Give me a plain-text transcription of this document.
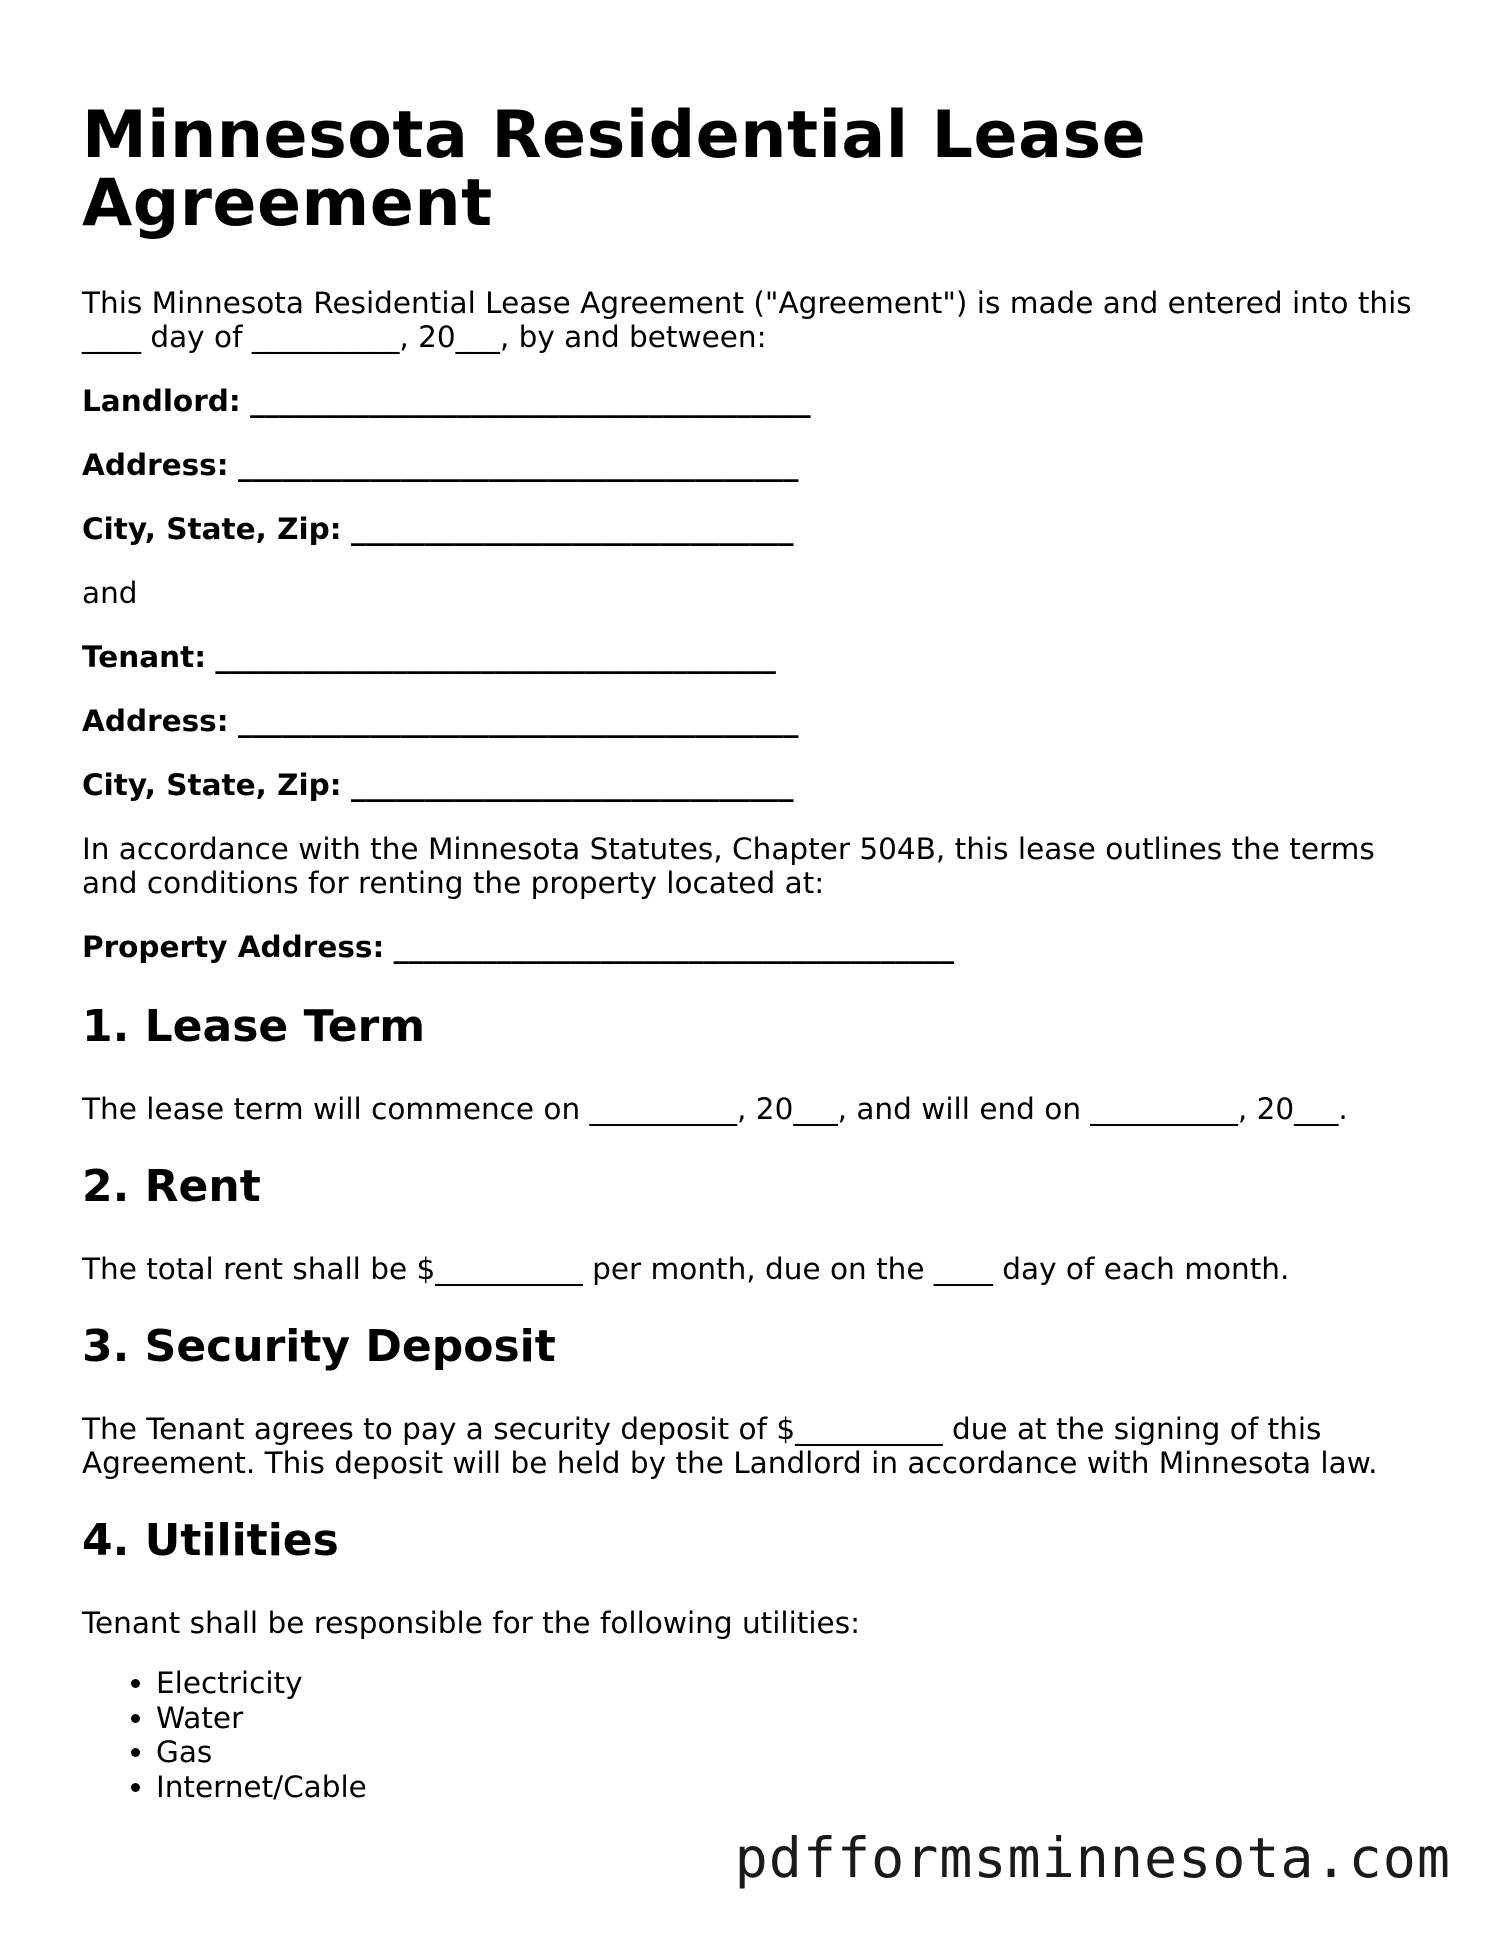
Minnesota Residential Lease Agreement

This Minnesota Residential Lease Agreement ("Agreement") is made and entered into this ____ day of __________, 20___, by and between:

Landlord: ______________________________________

Address: ______________________________________

City, State, Zip: ______________________________

and

Tenant: ______________________________________

Address: ______________________________________

City, State, Zip: ______________________________

In accordance with the Minnesota Statutes, Chapter 504B, this lease outlines the terms and conditions for renting the property located at:

Property Address: ______________________________________

1. Lease Term

The lease term will commence on __________, 20___, and will end on __________, 20___.

2. Rent

The total rent shall be $__________ per month, due on the ____ day of each month.

3. Security Deposit

The Tenant agrees to pay a security deposit of $__________ due at the signing of this Agreement. This deposit will be held by the Landlord in accordance with Minnesota law.

4. Utilities

Tenant shall be responsible for the following utilities:

• Electricity
• Water
• Gas
• Internet/Cable
pdfformsminnesota.com
